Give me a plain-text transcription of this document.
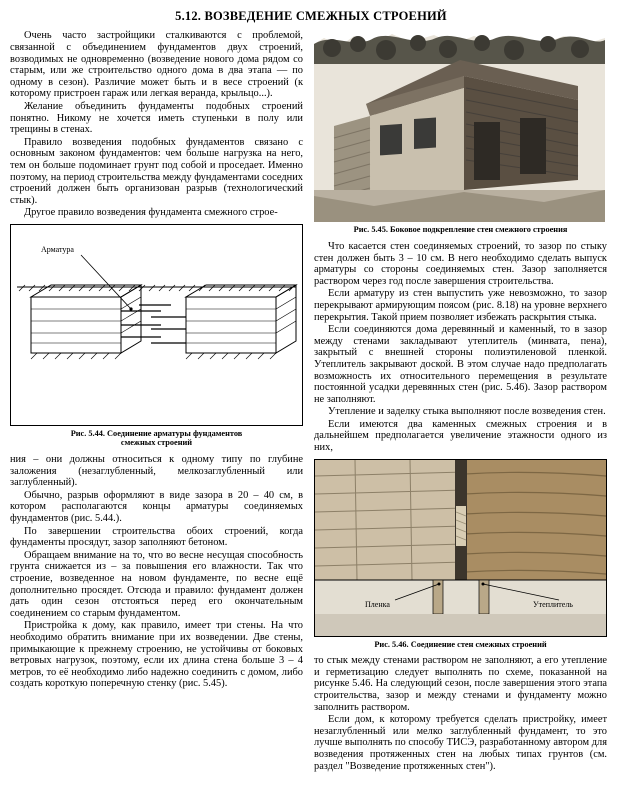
5.12. ВОЗВЕДЕНИЕ СМЕЖНЫХ СТРОЕНИЙ

Очень часто застройщики сталкиваются с проблемой, связанной с объединением фундаментов двух строений, возводимых не одновременно (возведение нового дома рядом со старым, или же строительство одного дома в два этапа — по одному в сезон). Различие может быть и в весе строений (к которому пристроен гараж или легкая веранда, крыльцо...).

Желание объединить фундаменты подобных строений понятно. Никому не хочется иметь ступеньки в полу или трещины в стенах.

Правило возведения подобных фундаментов связано с основным законом фундаментов: чем больше нагрузка на него, тем он больше подоминает грунт под собой и проседает. Именно поэтому, на период строительства между фундаментами соседних строений должен быть организован разрыв (технологический стык).

Другое правило возведения фундамента смежного строе-

Арматура
Рис. 5.44. Соединение арматуры фундаментов
смежных строений

ния – они должны относиться к одному типу по глубине заложения (незаглубленный, мелкозаглубленный или заглубленный).

Обычно, разрыв оформляют в виде зазора в 20 – 40 см, в котором располагаются концы арматуры соединяемых фундаментов (рис. 5.44.).

По завершении строительства обоих строений, когда фундаменты просядут, зазор заполняют бетоном.

Обращаем внимание на то, что во весне несущая способность грунта снижается из – за повышения его влажности. Так что строение, возведенное на новом фундаменте, по весне ещё дополнительно просядет. Отсюда и правило: фундамент должен дать один сезон отстояться перед его окончательным соединением со старым фундаментом.

Пристройка к дому, как правило, имеет три стены. На что необходимо обратить внимание при их возведении. Две стены, примыкающие к прежнему строению, не устойчивы от боковых ветровых нагрузок, поэтому, если их длина стена больше 3 – 4 метров, то её необходимо либо надежно соединить с домом, либо создать короткую поперечную стенку (рис. 5.45).

Рис. 5.45. Боковое подкрепление стен смежного строения

Что касается стен соединяемых строений, то зазор по стыку стен должен быть 3 – 10 см. В него необходимо сделать выпуск арматуры со стороны соединяемых стен. Зазор заполняется раствором через год после завершения строительства.

Если арматуру из стен выпустить уже невозможно, то зазор перекрывают армирующим поясом (рис. 8.18) на уровне верхнего перекрытия. Такой прием позволяет избежать раскрытия стыка.

Если соединяются дома деревянный и каменный, то в зазор между стенами закладывают утеплитель (минвата, пена), закрытый с внешней стороны полиэтиленовой пленкой. Утеплитель закрывают доской. В этом случае надо предполагать возможность их относительного перемещения в результате постоянной усадки деревянных стен (рис. 5.46). Зазор раствором не заполняют.

Утепление и заделку стыка выполняют после возведения стен.

Если имеются два каменных смежных строения и в дальнейшем предполагается увеличение этажности одного из них,

Пленка	Утеплитель
Рис. 5.46. Соединение стен смежных строений

то стык между стенами раствором не заполняют, а его утепление и герметизацию следует выполнять по схеме, показанной на рисунке 5.46. На следующий сезон, после завершения этого этапа строительства, зазор и между стенами и фундаменту можно заполнить раствором.

Если дом, к которому требуется сделать пристройку, имеет незаглубленный или мелко заглубленный фундамент, то это лучше выполнять по способу ТИСЭ, разработанному автором для возведения протяженных стен на любых типах грунтов (см. раздел "Возведение протяженных стен").
